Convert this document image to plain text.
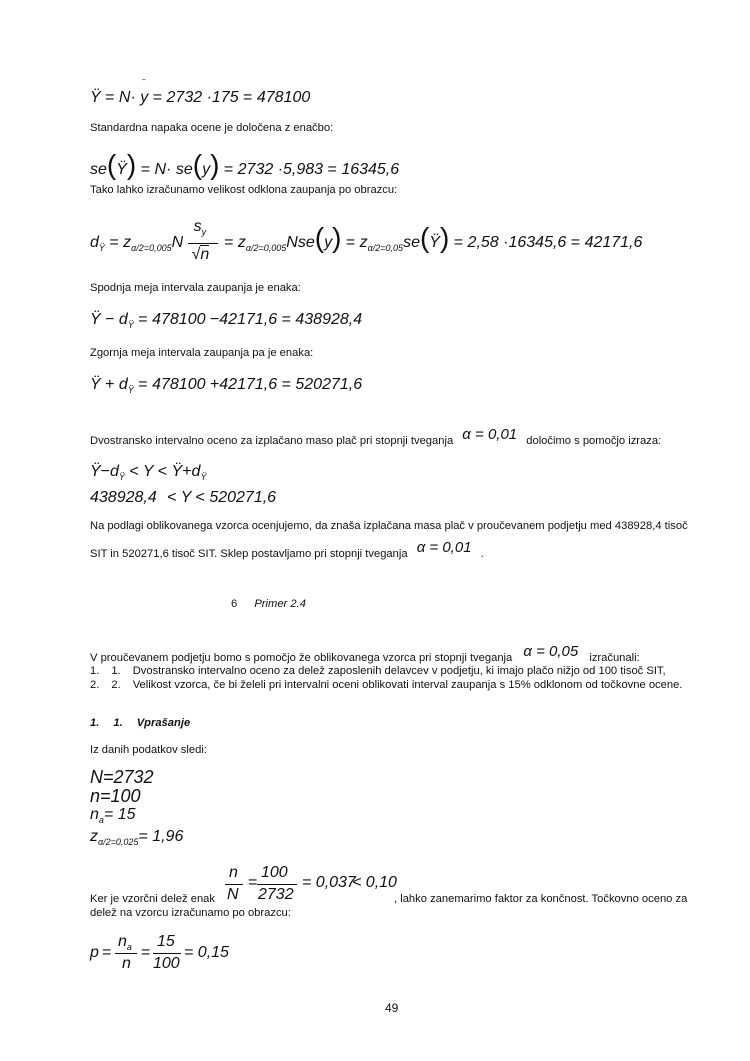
Ÿ = N· y
‾
= 2732 ·175 = 478100
Standardna napaka ocene je določena z enačbo:
se(Ÿ) = N· se(y) = 2732 ·5,983 = 16345,6
Tako lahko izračunamo velikost odklona zaupanja po obrazcu:
$d_Ÿ = z_{\alpha/2=0,005}N \frac{s_y}{√n} = z_{\alpha/2=0,005}Nse(y)$ = $z_{\alpha/2=0,05}se(Ÿ) = 2,58 \cdot 16345,6 = 42171,6$
Spodnja meja intervala zaupanja je enaka:
Ÿ − $d_Ÿ = 478100 -42171,6 = 438928,4$
Zgornja meja intervala zaupanja pa je enaka:
Ÿ + $d_Ÿ = 478100 +42171,6 = 520271,6$
Dvostransko intervalno oceno za izplačano maso plač pri stopnji tveganja α = 0,01 določimo s pomočjo izraza:
$Ÿ-d_Ÿ < Y$ < $Ÿ+d_Ÿ$
438928,4 < Y < 520271,6
Na podlagi oblikovanega vzorca ocenjujemo, da znaša izplačana masa plač v proučevanem podjetju med 438928,4 tisoč
SIT in 520271,6 tisoč SIT. Sklep postavljamo pri stopnji tveganja α = 0,01 .
6 Primer 2.4
V proučevanem podjetju bomo s pomočjo že oblikovanega vzorca pri stopnji tveganja α = 0,05 izračunali:
1. 1. Dvostransko intervalno oceno za delež zaposlenih delavcev v podjetju, ki imajo plačo nižjo od 100 tisoč SIT,
2. 2. Velikost vzorca, če bi želeli pri intervalni oceni oblikovati interval zaupanja s 15% odklonom od točkovne ocene.
1. 1. Vprašanje
Iz danih podatkov sledi:
N=2732
n=100
$n_a= 15$
$z_{\alpha/2=0,025}= 1,96$
n
N
=
100
2732
= 0,037
< 0,10
Ker je vzorčni delež enak	, lahko zanemarimo faktor za končnost. Točkovno oceno za
delež na vzorcu izračunamo po obrazcu:
p =
$n_a$
n
=
15
100
= 0,15
49
